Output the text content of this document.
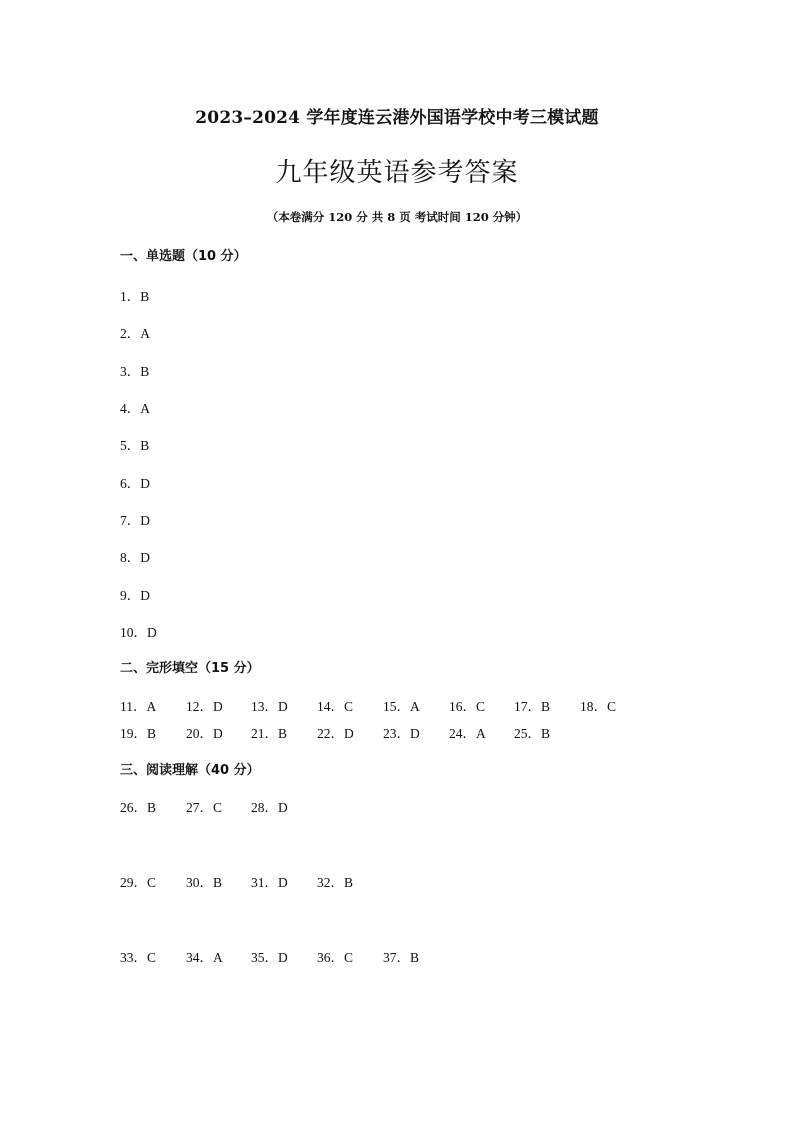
2023–2024 学年度连云港外国语学校中考三模试题
九年级英语参考答案
（本卷满分 120 分 共 8 页 考试时间 120 分钟）
一、单选题（10 分）
1．B
2．A
3．B
4．A
5．B
6．D
7．D
8．D
9．D
10．D
二、完形填空（15 分）
11．A 12．D 13．D 14．C 15．A 16．C 17．B 18．C
19．B 20．D 21．B 22．D 23．D 24．A 25．B
三、阅读理解（40 分）
26．B 27．C 28．D
29．C 30．B 31．D 32．B
33．C 34．A 35．D 36．C 37．B
